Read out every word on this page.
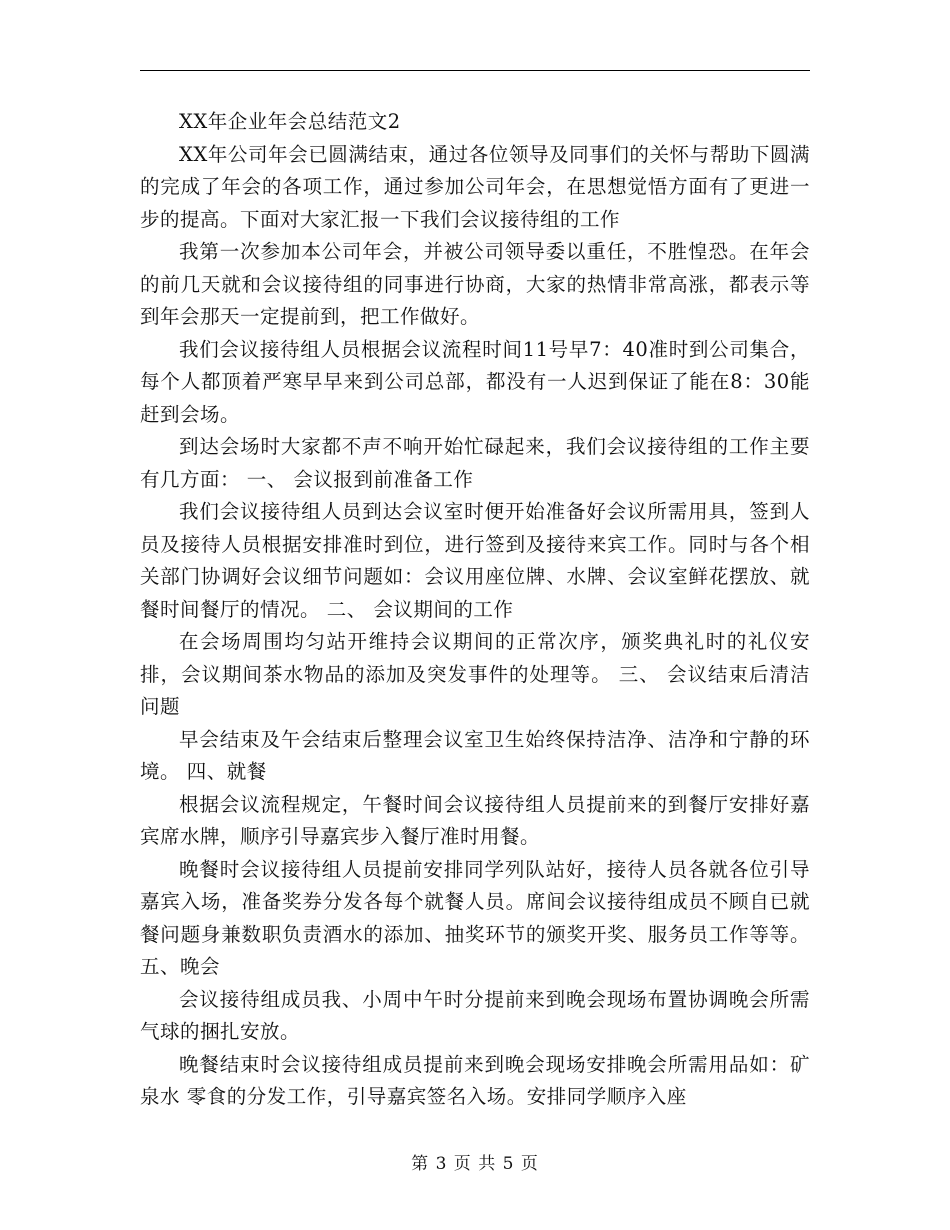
XX年企业年会总结范文2

XX年公司年会已圆满结束，通过各位领导及同事们的关怀与帮助下圆满的完成了年会的各项工作，通过参加公司年会，在思想觉悟方面有了更进一步的提高。下面对大家汇报一下我们会议接待组的工作

我第一次参加本公司年会，并被公司领导委以重任，不胜惶恐。在年会的前几天就和会议接待组的同事进行协商，大家的热情非常高涨，都表示等到年会那天一定提前到，把工作做好。

我们会议接待组人员根据会议流程时间11号早7：40准时到公司集合，每个人都顶着严寒早早来到公司总部，都没有一人迟到保证了能在8：30能赶到会场。

到达会场时大家都不声不响开始忙碌起来，我们会议接待组的工作主要有几方面： 一、 会议报到前准备工作

我们会议接待组人员到达会议室时便开始准备好会议所需用具，签到人员及接待人员根据安排准时到位，进行签到及接待来宾工作。同时与各个相关部门协调好会议细节问题如：会议用座位牌、水牌、会议室鲜花摆放、就餐时间餐厅的情况。 二、 会议期间的工作

在会场周围均匀站开维持会议期间的正常次序，颁奖典礼时的礼仪安排，会议期间茶水物品的添加及突发事件的处理等。 三、 会议结束后清洁问题

早会结束及午会结束后整理会议室卫生始终保持洁净、洁净和宁静的环境。 四、就餐

根据会议流程规定，午餐时间会议接待组人员提前来的到餐厅安排好嘉宾席水牌，顺序引导嘉宾步入餐厅准时用餐。

晚餐时会议接待组人员提前安排同学列队站好，接待人员各就各位引导嘉宾入场，准备奖券分发各每个就餐人员。席间会议接待组成员不顾自已就餐问题身兼数职负责酒水的添加、抽奖环节的颁奖开奖、服务员工作等等。 五、晚会

会议接待组成员我、小周中午时分提前来到晚会现场布置协调晚会所需气球的捆扎安放。

晚餐结束时会议接待组成员提前来到晚会现场安排晚会所需用品如：矿泉水 零食的分发工作，引导嘉宾签名入场。安排同学顺序入座

第 3 页 共 5 页
